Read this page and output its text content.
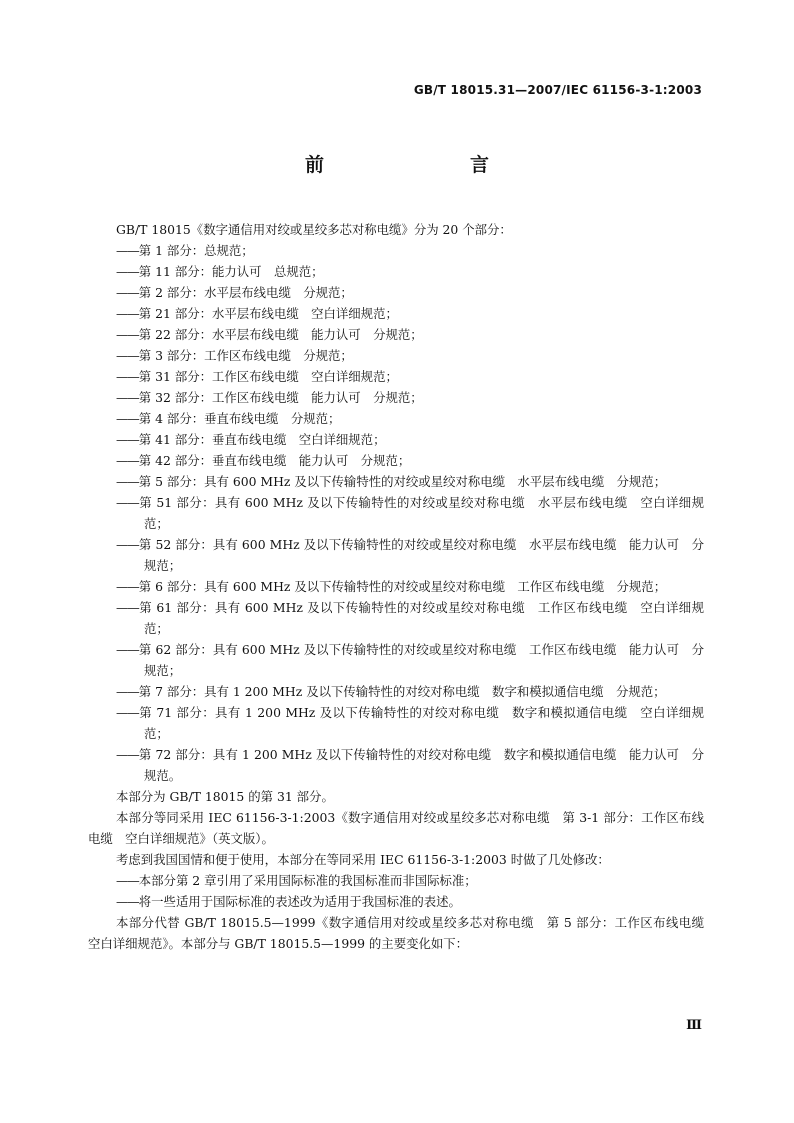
GB/T 18015.31—2007/IEC 61156-3-1:2003
前　　言
GB/T 18015《数字通信用对绞或星绞多芯对称电缆》分为 20 个部分：
——第 1 部分：总规范；
——第 11 部分：能力认可　总规范；
——第 2 部分：水平层布线电缆　分规范；
——第 21 部分：水平层布线电缆　空白详细规范；
——第 22 部分：水平层布线电缆　能力认可　分规范；
——第 3 部分：工作区布线电缆　分规范；
——第 31 部分：工作区布线电缆　空白详细规范；
——第 32 部分：工作区布线电缆　能力认可　分规范；
——第 4 部分：垂直布线电缆　分规范；
——第 41 部分：垂直布线电缆　空白详细规范；
——第 42 部分：垂直布线电缆　能力认可　分规范；
——第 5 部分：具有 600 MHz 及以下传输特性的对绞或星绞对称电缆　水平层布线电缆　分规范；
——第 51 部分：具有 600 MHz 及以下传输特性的对绞或星绞对称电缆　水平层布线电缆　空白详细规范；
——第 52 部分：具有 600 MHz 及以下传输特性的对绞或星绞对称电缆　水平层布线电缆　能力认可　分规范；
——第 6 部分：具有 600 MHz 及以下传输特性的对绞或星绞对称电缆　工作区布线电缆　分规范；
——第 61 部分：具有 600 MHz 及以下传输特性的对绞或星绞对称电缆　工作区布线电缆　空白详细规范；
——第 62 部分：具有 600 MHz 及以下传输特性的对绞或星绞对称电缆　工作区布线电缆　能力认可　分规范；
——第 7 部分：具有 1 200 MHz 及以下传输特性的对绞对称电缆　数字和模拟通信电缆　分规范；
——第 71 部分：具有 1 200 MHz 及以下传输特性的对绞对称电缆　数字和模拟通信电缆　空白详细规范；
——第 72 部分：具有 1 200 MHz 及以下传输特性的对绞对称电缆　数字和模拟通信电缆　能力认可　分规范。
本部分为 GB/T 18015 的第 31 部分。
本部分等同采用 IEC 61156-3-1:2003《数字通信用对绞或星绞多芯对称电缆　第 3-1 部分：工作区布线电缆　空白详细规范》（英文版）。
考虑到我国国情和便于使用，本部分在等同采用 IEC 61156-3-1:2003 时做了几处修改：
——本部分第 2 章引用了采用国际标准的我国标准而非国际标准；
——将一些适用于国际标准的表述改为适用于我国标准的表述。
本部分代替 GB/T 18015.5—1999《数字通信用对绞或星绞多芯对称电缆　第 5 部分：工作区布线电缆　空白详细规范》。本部分与 GB/T 18015.5—1999 的主要变化如下：
Ⅲ
